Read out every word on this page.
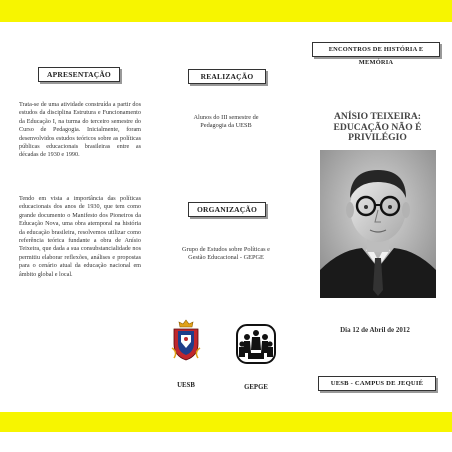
APRESENTAÇÃO
Trata-se de uma atividade construída a partir dos estudos da disciplina Estrutura e Funcionamento da Educação I, na turma do terceiro semestre do Curso de Pedagogia. Inicialmente, foram desenvolvidos estudos teóricos sobre as políticas públicas educacionais brasileiras entre as décadas de 1930 e 1990.
Tendo em vista a importância das políticas educacionais dos anos de 1930, que tem como grande documento o Manifesto dos Pioneiros da Educação Nova, uma obra atemporal na história da educação brasileira, resolvemos utilizar como referência teórica fundante a obra de Anísio Teixeira, que dada a sua consubstancialidade nos permitiu elaborar reflexões, análises e propostas para o cenário atual da educação nacional em âmbito global e local.
REALIZAÇÃO
Alunos do III semestre de
Pedagogia da UESB
ORGANIZAÇÃO
Grupo de Estudos sobre Políticas e
Gestão Educacional - GEPGE
UESB	GEPGE
ENCONTROS DE HISTÓRIA E MEMÓRIA
ANÍSIO TEIXEIRA:
EDUCAÇÃO NÃO É PRIVILÉGIO
Dia 12 de Abril de 2012
UESB - CAMPUS DE JEQUIÉ
